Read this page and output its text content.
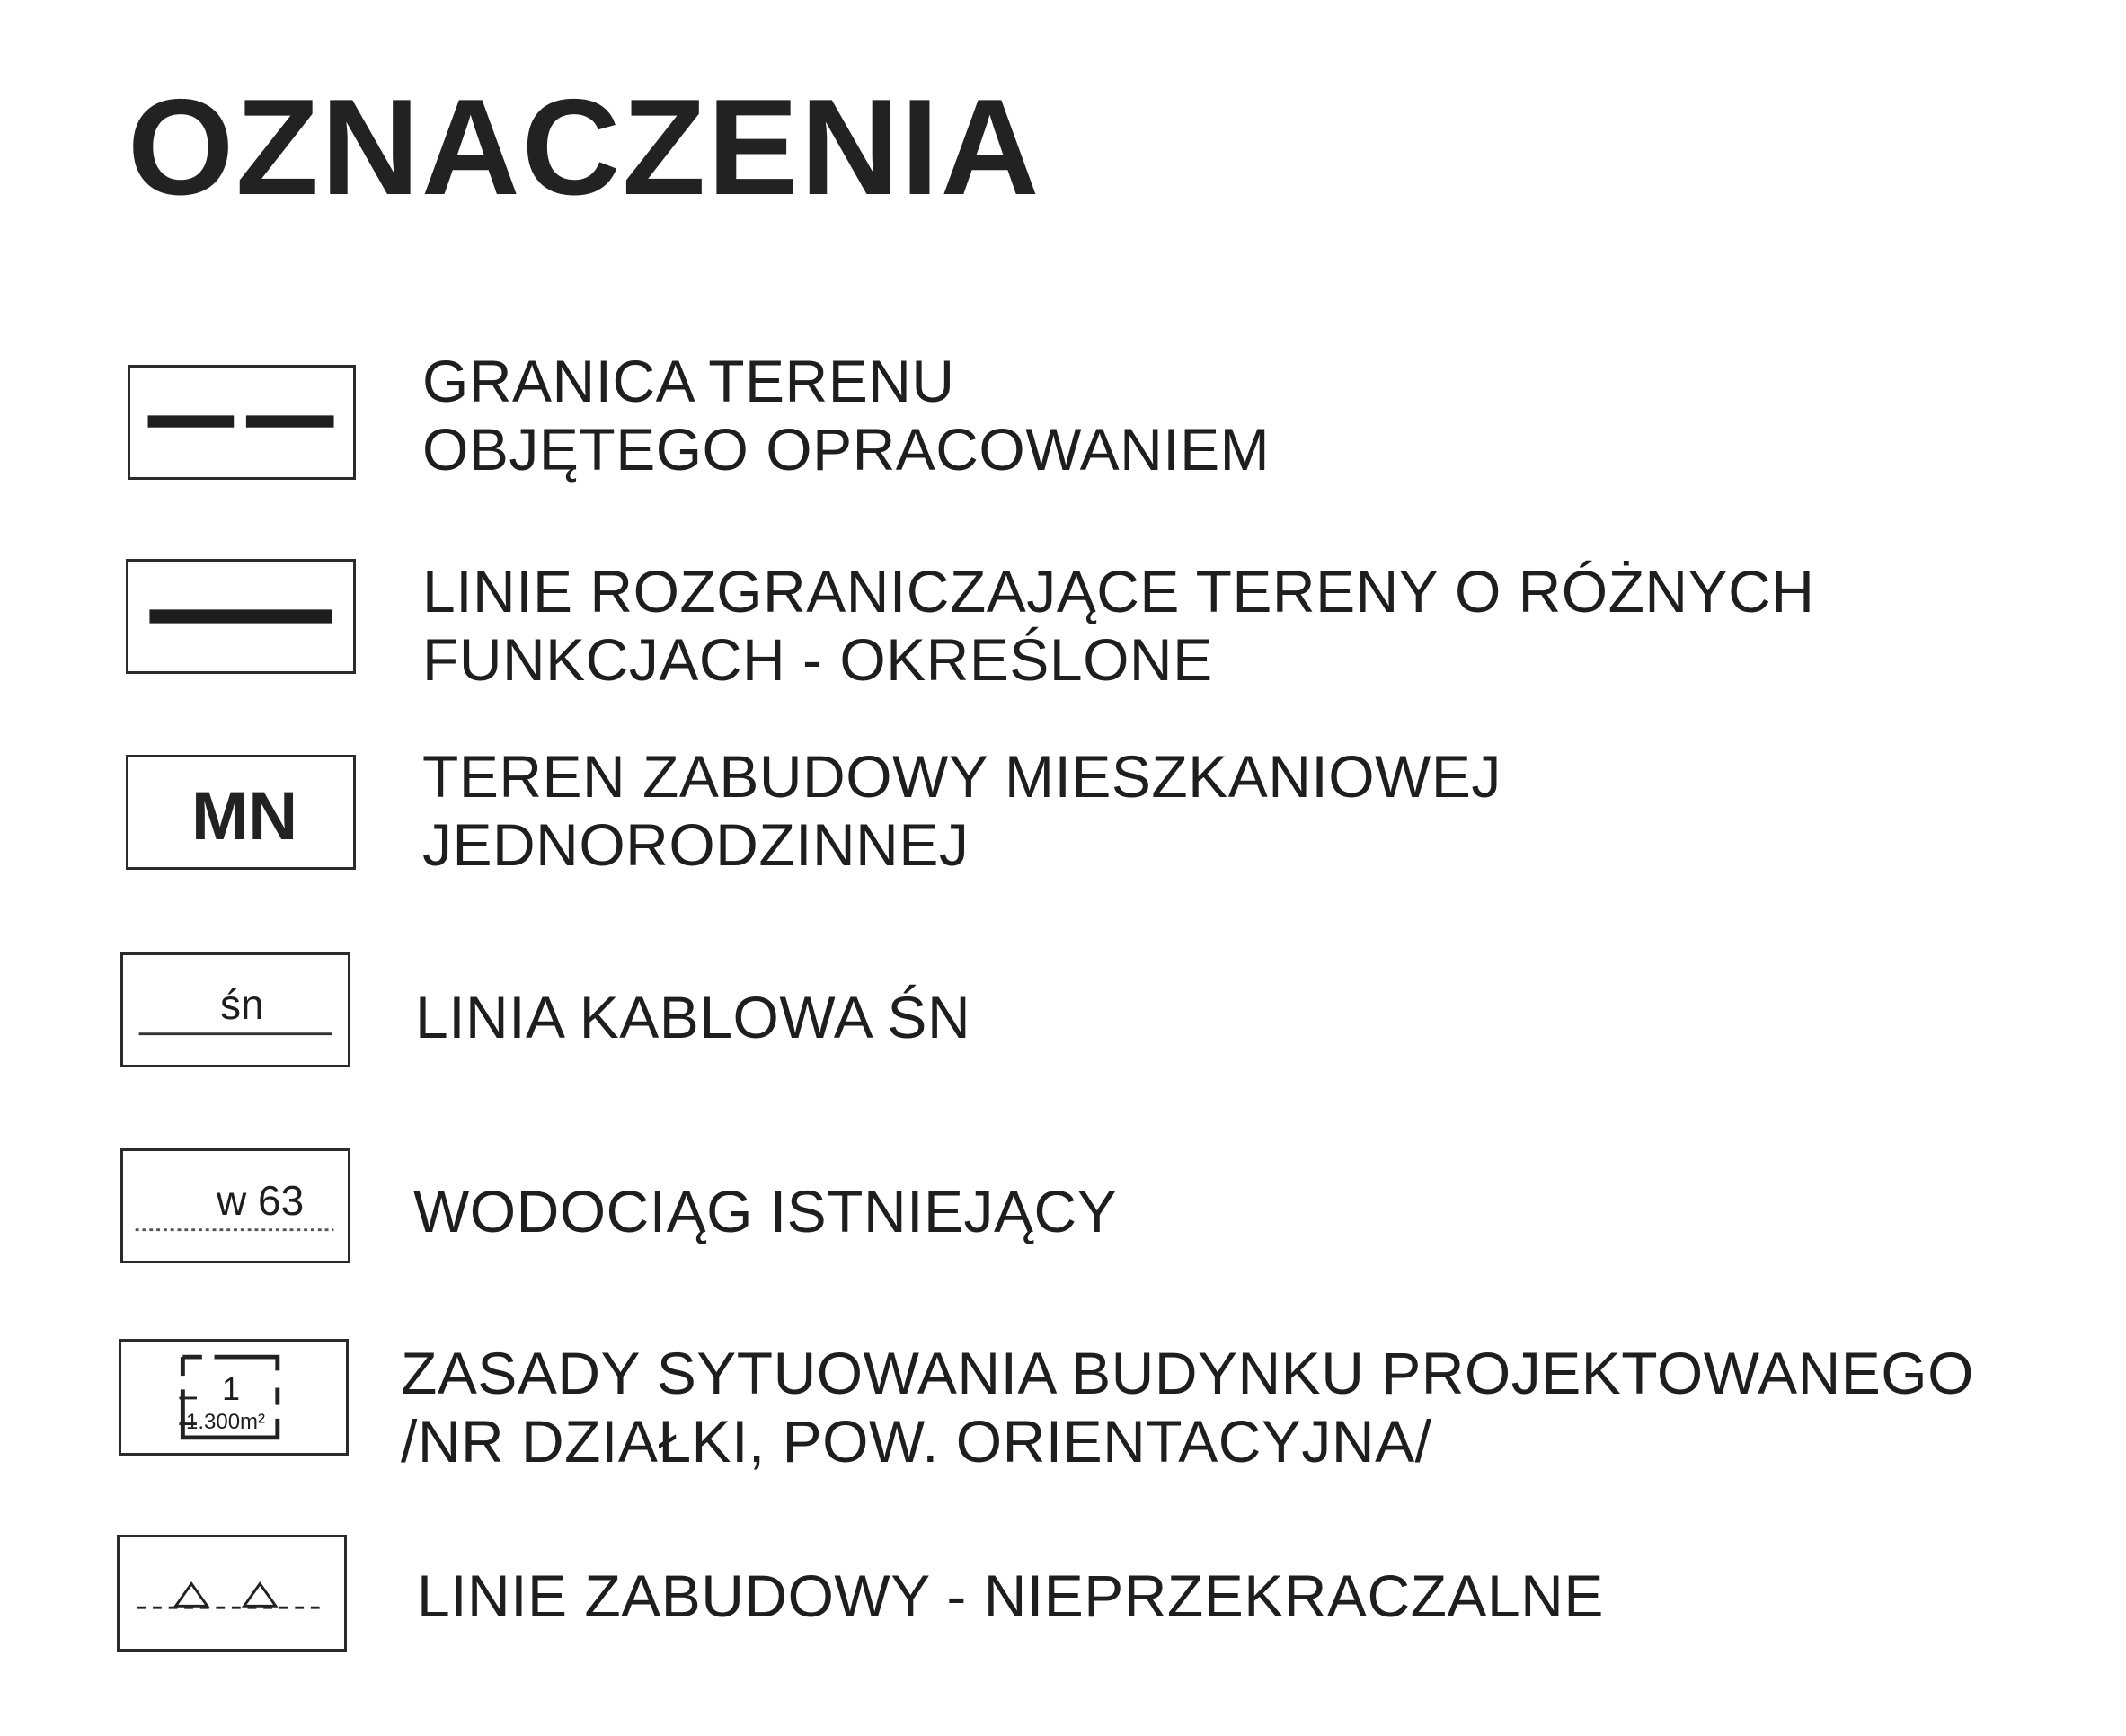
OZNACZENIA
GRANICA TERENU
OBJĘTEGO OPRACOWANIEM
LINIE ROZGRANICZAJĄCE TERENY O RÓŻNYCH
FUNKCJACH - OKREŚLONE
MN
TEREN ZABUDOWY MIESZKANIOWEJ
JEDNORODZINNEJ
śn	LINIA KABLOWA ŚN
w 63 WODOCIĄG ISTNIEJĄCY
1
1.300m²
ZASADY SYTUOWANIA BUDYNKU PROJEKTOWANEGO
/NR DZIAŁKI, POW. ORIENTACYJNA/
LINIE ZABUDOWY - NIEPRZEKRACZALNE
